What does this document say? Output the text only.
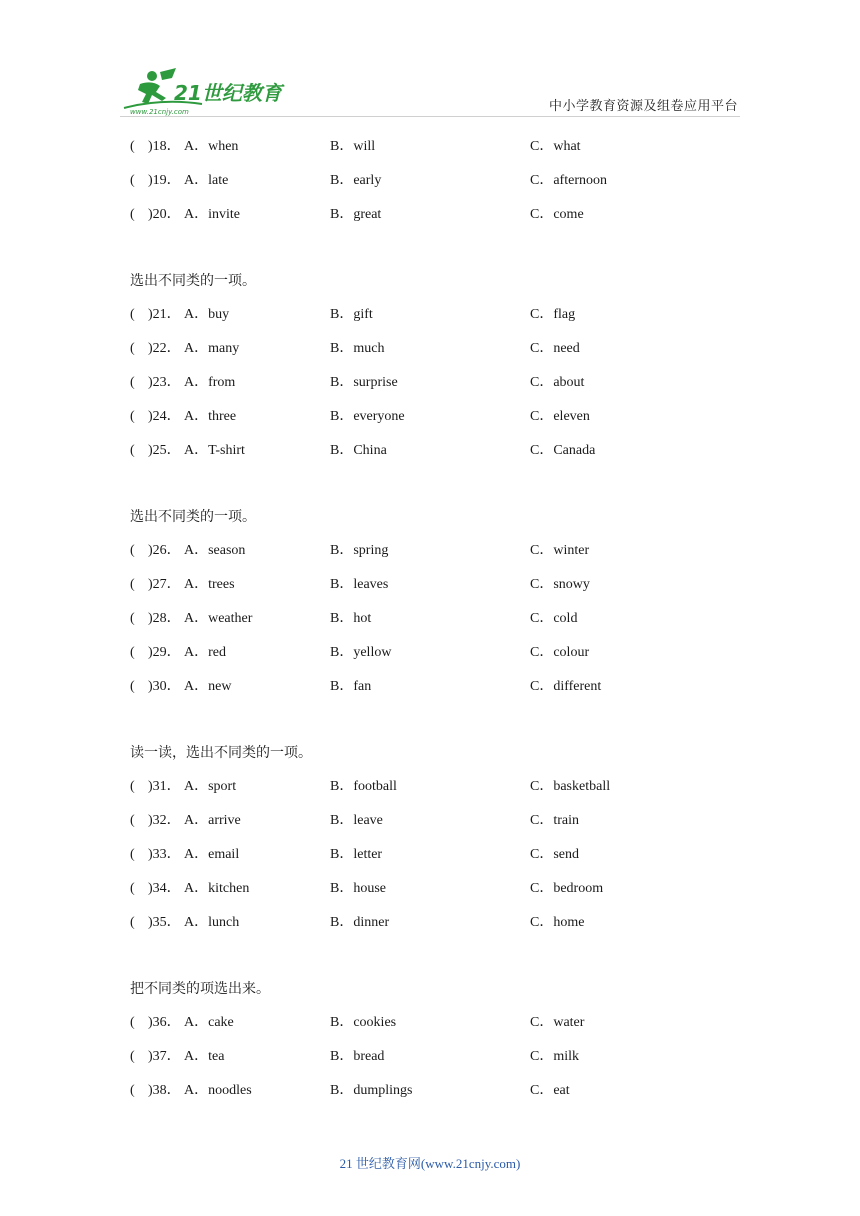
21世纪教育
www.21cnjy.com	中小学教育资源及组卷应用平台
( )18． A．when	B．will	C．what
( )19． A．late	B．early	C．afternoon
( )20． A．invite	B．great	C．come
选出不同类的一项。
( )21． A．buy	B．gift	C．flag
( )22． A．many	B．much	C．need
( )23． A．from	B．surprise	C．about
( )24． A．three	B．everyone	C．eleven
( )25． A．T-shirt	B．China	C．Canada
选出不同类的一项。
( )26． A．season	B．spring	C．winter
( )27． A．trees	B．leaves	C．snowy
( )28． A．weather	B．hot	C．cold
( )29． A．red	B．yellow	C．colour
( )30． A．new	B．fan	C．different
读一读，选出不同类的一项。
( )31． A．sport	B．football	C．basketball
( )32． A．arrive	B．leave	C．train
( )33． A．email	B．letter	C．send
( )34． A．kitchen	B．house	C．bedroom
( )35． A．lunch	B．dinner	C．home
把不同类的项选出来。
( )36． A．cake	B．cookies	C．water
( )37． A．tea	B．bread	C．milk
( )38． A．noodles	B．dumplings	C．eat
21 世纪教育网(www.21cnjy.com)
